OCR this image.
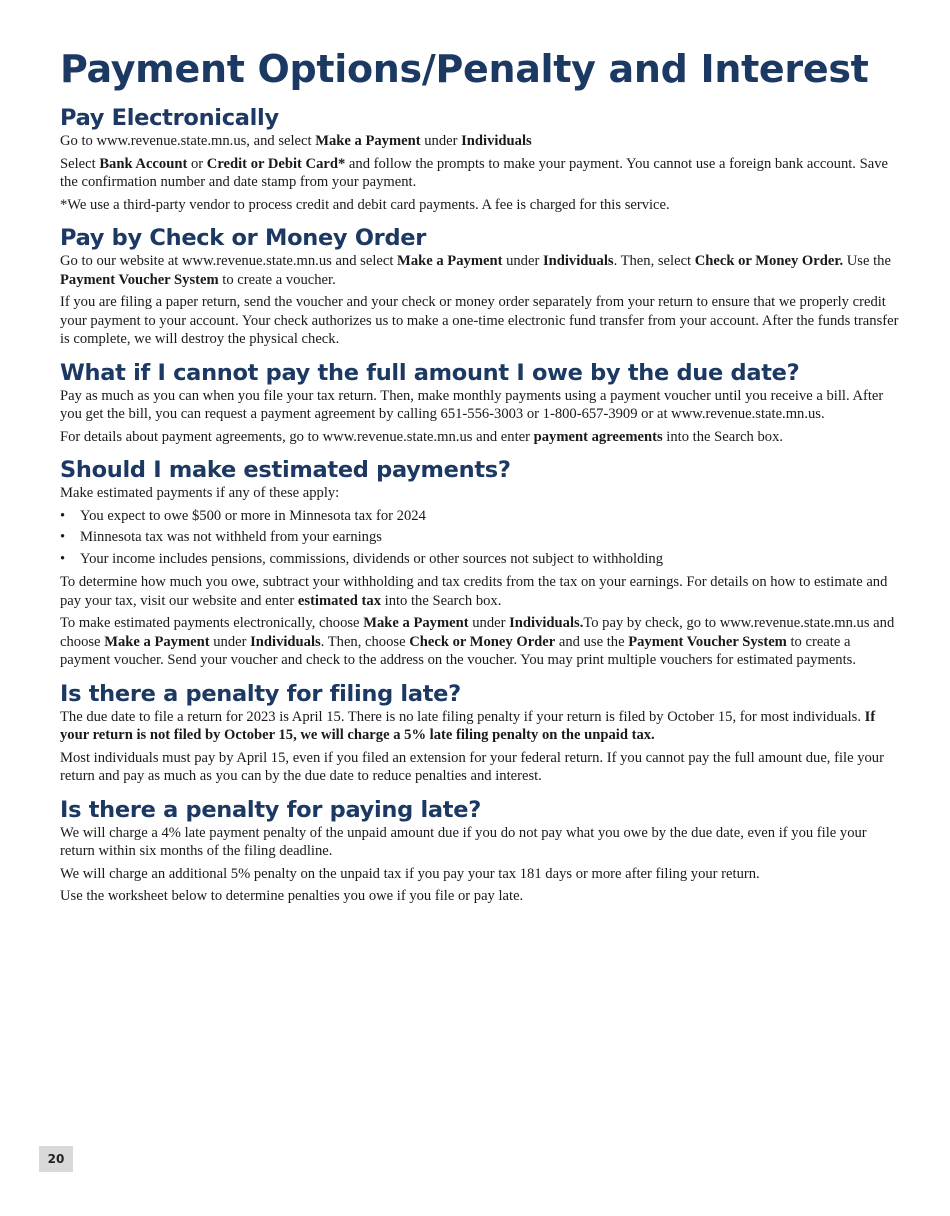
Payment Options/Penalty and Interest
Pay Electronically

Go to www.revenue.state.mn.us, and select Make a Payment under Individuals

Select Bank Account or Credit or Debit Card* and follow the prompts to make your payment. You cannot use a foreign bank account. Save the confirmation number and date stamp from your payment.

*We use a third-party vendor to process credit and debit card payments. A fee is charged for this service.

Pay by Check or Money Order

Go to our website at www.revenue.state.mn.us and select Make a Payment under Individuals. Then, select Check or Money Order. Use the Payment Voucher System to create a voucher.

If you are filing a paper return, send the voucher and your check or money order separately from your return to ensure that we properly credit your payment to your account. Your check authorizes us to make a one-time electronic fund transfer from your account. After the funds transfer is complete, we will destroy the physical check.

What if I cannot pay the full amount I owe by the due date?

Pay as much as you can when you file your tax return. Then, make monthly payments using a payment voucher until you receive a bill. After you get the bill, you can request a payment agreement by calling 651-556-3003 or 1-800-657-3909 or at www.revenue.state.mn.us.

For details about payment agreements, go to www.revenue.state.mn.us and enter payment agreements into the Search box.

Should I make estimated payments?

Make estimated payments if any of these apply:

• You expect to owe $500 or more in Minnesota tax for 2024
• Minnesota tax was not withheld from your earnings
• Your income includes pensions, commissions, dividends or other sources not subject to withholding

To determine how much you owe, subtract your withholding and tax credits from the tax on your earnings. For details on how to estimate and pay your tax, visit our website and enter estimated tax into the Search box.

To make estimated payments electronically, choose Make a Payment under Individuals.To pay by check, go to www.revenue.state.mn.us and choose Make a Payment under Individuals. Then, choose Check or Money Order and use the Payment Voucher System to create a payment voucher. Send your voucher and check to the address on the voucher. You may print multiple vouchers for estimated payments.

Is there a penalty for filing late?

The due date to file a return for 2023 is April 15. There is no late filing penalty if your return is filed by October 15, for most individuals. If your return is not filed by October 15, we will charge a 5% late filing penalty on the unpaid tax.

Most individuals must pay by April 15, even if you filed an extension for your federal return. If you cannot pay the full amount due, file your return and pay as much as you can by the due date to reduce penalties and interest.

Is there a penalty for paying late?

We will charge a 4% late payment penalty of the unpaid amount due if you do not pay what you owe by the due date, even if you file your return within six months of the filing deadline.

We will charge an additional 5% penalty on the unpaid tax if you pay your tax 181 days or more after filing your return.

Use the worksheet below to determine penalties you owe if you file or pay late.

20
